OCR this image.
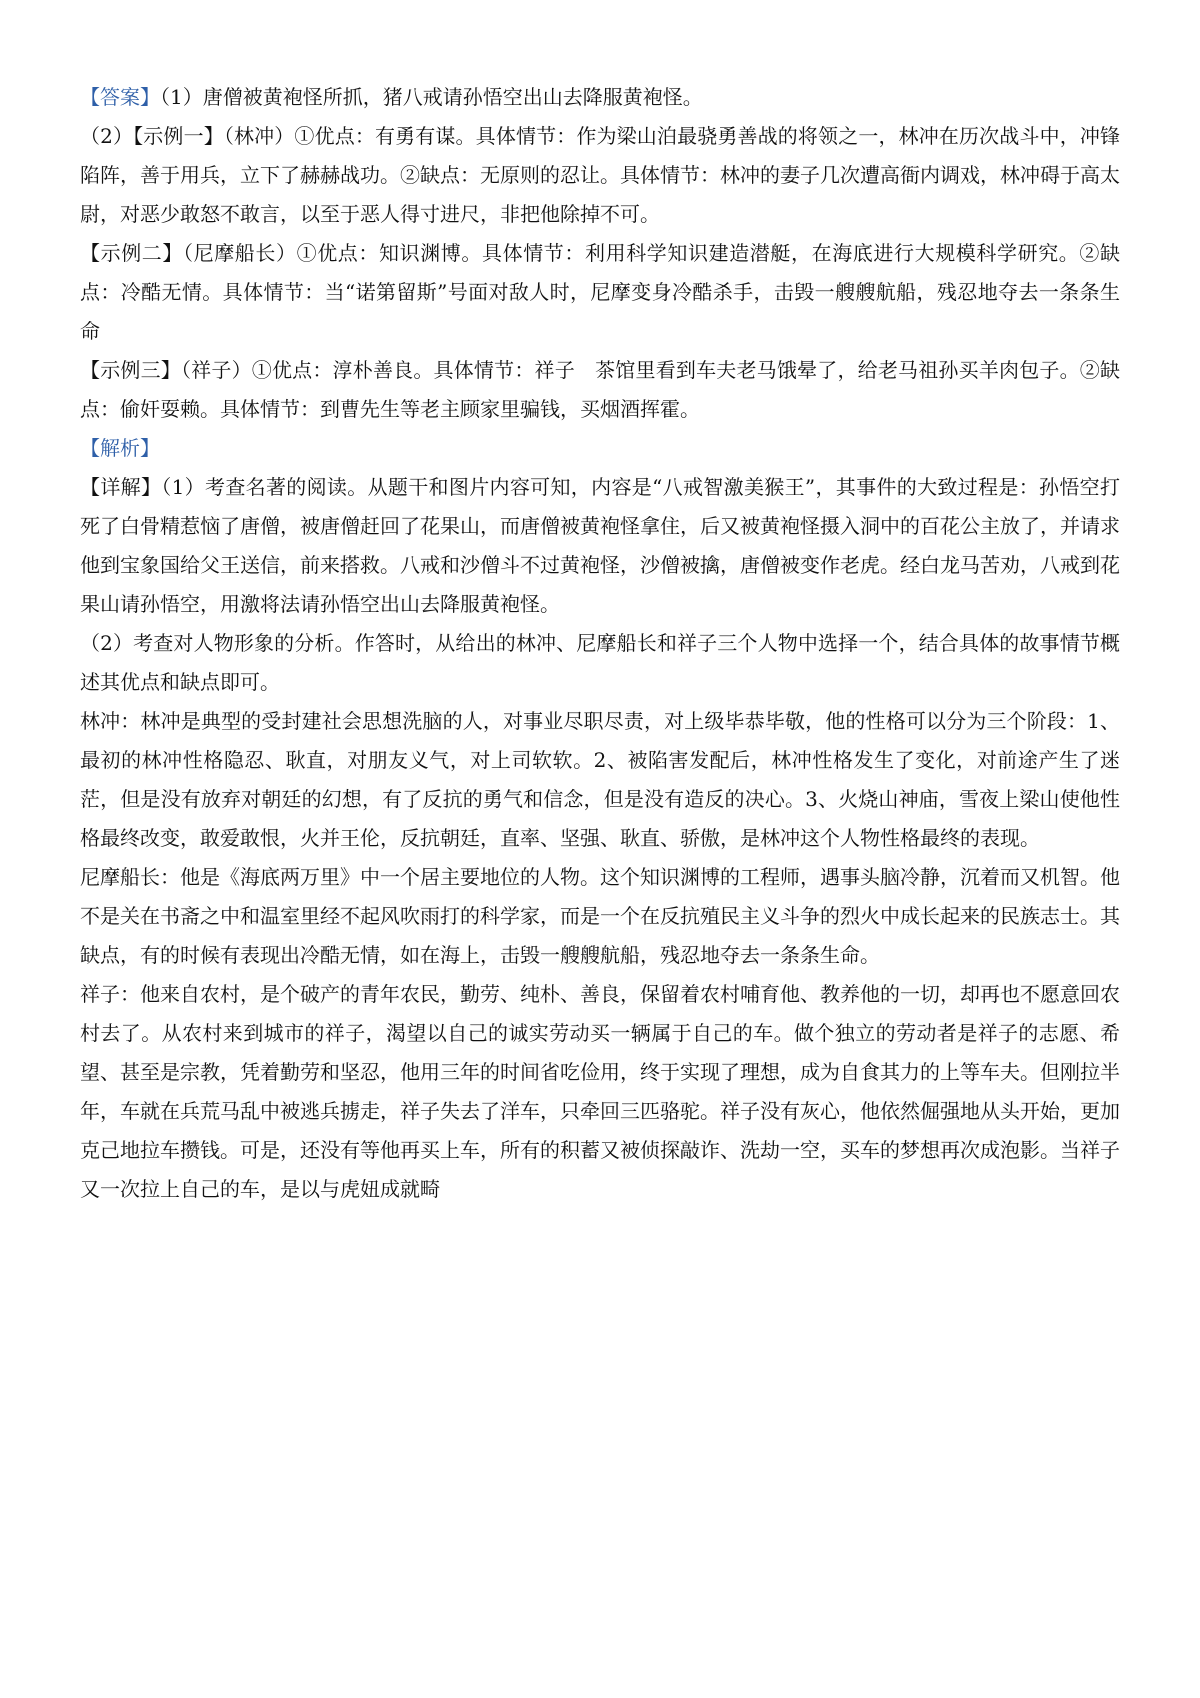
【答案】（1）唐僧被黄袍怪所抓，猪八戒请孙悟空出山去降服黄袍怪。

（2）【示例一】（林冲）①优点：有勇有谋。具体情节：作为梁山泊最骁勇善战的将领之一，林冲在历次战斗中，冲锋陷阵，善于用兵，立下了赫赫战功。②缺点：无原则的忍让。具体情节：林冲的妻子几次遭高衙内调戏，林冲碍于高太尉，对恶少敢怒不敢言，以至于恶人得寸进尺，非把他除掉不可。

【示例二】（尼摩船长）①优点：知识渊博。具体情节：利用科学知识建造潜艇，在海底进行大规模科学研究。②缺点：冷酷无情。具体情节：当“诺第留斯”号面对敌人时，尼摩变身冷酷杀手，击毁一艘艘航船，残忍地夺去一条条生命

【示例三】（祥子）①优点：淳朴善良。具体情节：祥子 茶馆里看到车夫老马饿晕了，给老马祖孙买羊肉包子。②缺点：偷奸耍赖。具体情节：到曹先生等老主顾家里骗钱，买烟酒挥霍。

【解析】

【详解】（1）考查名著的阅读。从题干和图片内容可知，内容是“八戒智激美猴王”，其事件的大致过程是：孙悟空打死了白骨精惹恼了唐僧，被唐僧赶回了花果山，而唐僧被黄袍怪拿住，后又被黄袍怪摄入洞中的百花公主放了，并请求他到宝象国给父王送信，前来搭救。八戒和沙僧斗不过黄袍怪，沙僧被擒，唐僧被变作老虎。经白龙马苦劝，八戒到花果山请孙悟空，用激将法请孙悟空出山去降服黄袍怪。

（2）考查对人物形象的分析。作答时，从给出的林冲、尼摩船长和祥子三个人物中选择一个，结合具体的故事情节概述其优点和缺点即可。

林冲：林冲是典型的受封建社会思想洗脑的人，对事业尽职尽责，对上级毕恭毕敬，他的性格可以分为三个阶段：1、最初的林冲性格隐忍、耿直，对朋友义气，对上司软软。2、被陷害发配后，林冲性格发生了变化，对前途产生了迷茫，但是没有放弃对朝廷的幻想，有了反抗的勇气和信念，但是没有造反的决心。3、火烧山神庙，雪夜上梁山使他性格最终改变，敢爱敢恨，火并王伦，反抗朝廷，直率、坚强、耿直、骄傲，是林冲这个人物性格最终的表现。

尼摩船长：他是《海底两万里》中一个居主要地位的人物。这个知识渊博的工程师，遇事头脑冷静，沉着而又机智。他不是关在书斋之中和温室里经不起风吹雨打的科学家，而是一个在反抗殖民主义斗争的烈火中成长起来的民族志士。其缺点，有的时候有表现出冷酷无情，如在海上，击毁一艘艘航船，残忍地夺去一条条生命。

祥子：他来自农村，是个破产的青年农民，勤劳、纯朴、善良，保留着农村哺育他、教养他的一切，却再也不愿意回农村去了。从农村来到城市的祥子，渴望以自己的诚实劳动买一辆属于自己的车。做个独立的劳动者是祥子的志愿、希望、甚至是宗教，凭着勤劳和坚忍，他用三年的时间省吃俭用，终于实现了理想，成为自食其力的上等车夫。但刚拉半年，车就在兵荒马乱中被逃兵掳走，祥子失去了洋车，只牵回三匹骆驼。祥子没有灰心，他依然倔强地从头开始，更加克己地拉车攒钱。可是，还没有等他再买上车，所有的积蓄又被侦探敲诈、洗劫一空，买车的梦想再次成泡影。当祥子又一次拉上自己的车，是以与虎妞成就畸
